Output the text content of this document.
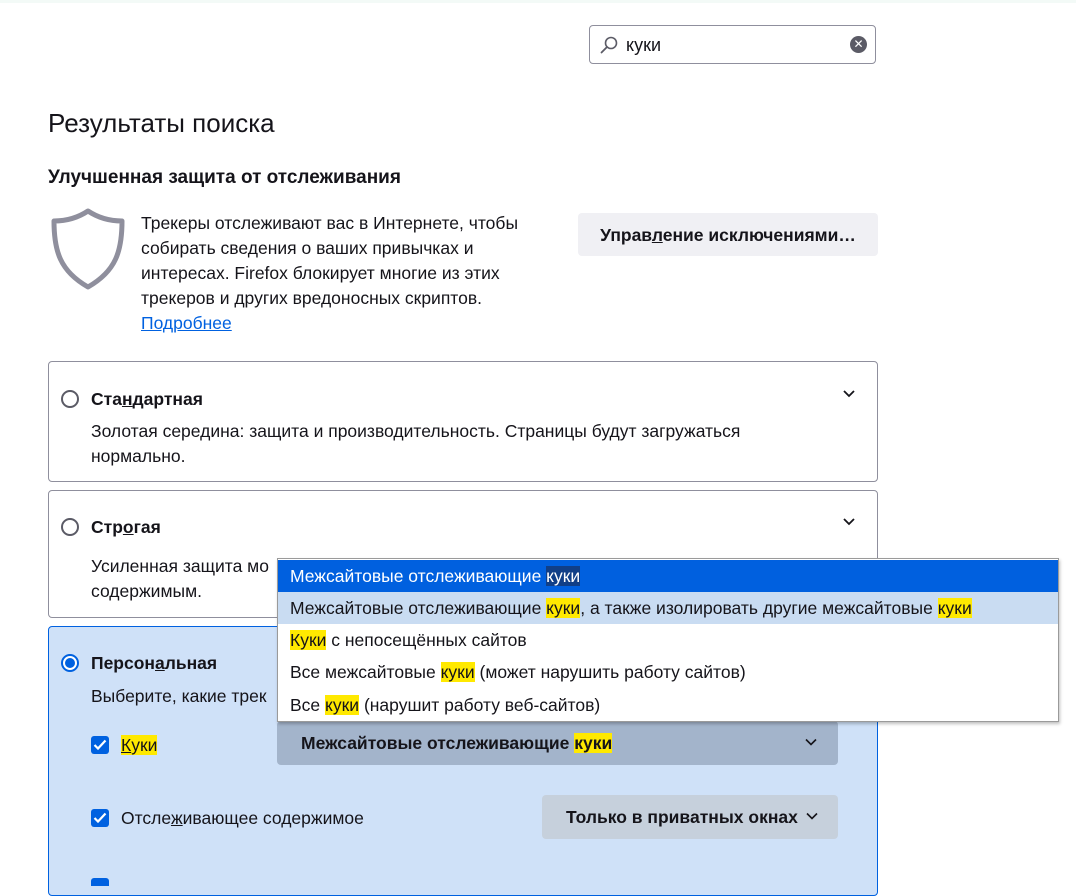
куки
✕
Результаты поиска
Улучшенная защита от отслеживания
Трекеры отслеживают вас в Интернете, чтобы собирать сведения о ваших привычках и интересах. Firefox блокирует многие из этих трекеров и других вредоносных скриптов.
Подробнее
Управление исключениями…
Стандартная
Золотая середина: защита и производительность. Страницы будут загружаться нормально.
Строгая
Усиленная защита мо
содержимым.
Персональная
Выберите, какие трек
Куки	Межсайтовые отслеживающие куки
Отслеживающее содержимое	Только в приватных окнах
Межсайтовые отслеживающие куки
Межсайтовые отслеживающие куки, а также изолировать другие межсайтовые куки
Куки с непосещённых сайтов
Все межсайтовые куки (может нарушить работу сайтов)
Все куки (нарушит работу веб-сайтов)
